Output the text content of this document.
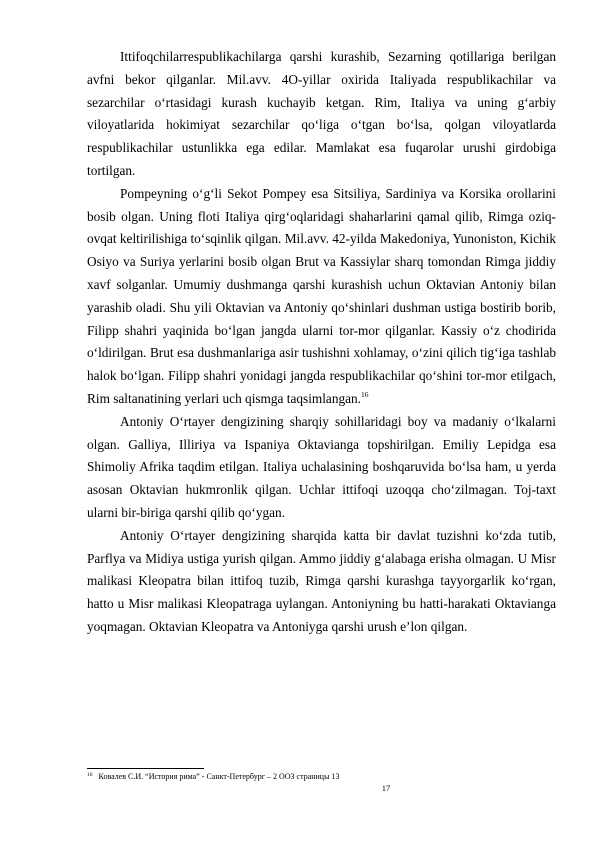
Ittifoqchilarrespublikachilarga qarshi kurashib, Sezarning qotillariga berilgan avfni bekor qilganlar. Mil.avv. 4O-yillar oxirida Italiyada respublikachilar va sezarchilar oʻrtasidagi kurash kuchayib ketgan. Rim, Italiya va uning gʻarbiy viloyatlarida hokimiyat sezarchilar qoʻliga oʻtgan boʻlsa, qolgan viloyatlarda respublikachilar ustunlikka ega edilar. Mamlakat esa fuqarolar urushi girdobiga tortilgan.

Pompeyning oʻgʻli Sekot Pompey esa Sitsiliya, Sardiniya va Korsika orollarini bosib olgan. Uning floti Italiya qirgʻoqlaridagi shaharlarini qamal qilib, Rimga oziq-ovqat keltirilishiga toʻsqinlik qilgan. Mil.avv. 42-yilda Makedoniya, Yunoniston, Kichik Osiyo va Suriya yerlarini bosib olgan Brut va Kassiylar sharq tomondan Rimga jiddiy xavf solganlar. Umumiy dushmanga qarshi kurashish uchun Oktavian Antoniy bilan yarashib oladi. Shu yili Oktavian va Antoniy qoʻshinlari dushman ustiga bostirib borib, Filipp shahri yaqinida boʻlgan jangda ularni tor-mor qilganlar. Kassiy oʻz chodirida oʻldirilgan. Brut esa dushmanlariga asir tushishni xohlamay, oʻzini qilich tigʻiga tashlab halok boʻlgan. Filipp shahri yonidagi jangda respublikachilar qoʻshini tor-mor etilgach, Rim saltanatining yerlari uch qismga taqsimlangan.$^{16}$

Antoniy Oʻrtayer dengizining sharqiy sohillaridagi boy va madaniy oʻlkalarni olgan. Galliya, Illiriya va Ispaniya Oktavianga topshirilgan. Emiliy Lepidga esa Shimoliy Afrika taqdim etilgan. Italiya uchalasining boshqaruvida boʻlsa ham, u yerda asosan Oktavian hukmronlik qilgan. Uchlar ittifoqi uzoqqa choʻzilmagan. Toj-taxt ularni bir-biriga qarshi qilib qoʻygan.

Antoniy Oʻrtayer dengizining sharqida katta bir davlat tuzishni koʻzda tutib, Parflya va Midiya ustiga yurish qilgan. Ammo jiddiy gʻalabaga erisha olmagan. U Misr malikasi Kleopatra bilan ittifoq tuzib, Rimga qarshi kurashga tayyorgarlik koʻrgan, hatto u Misr malikasi Kleopatraga uylangan. Antoniyning bu hatti-harakati Oktavianga yoqmagan. Oktavian Kleopatra va Antoniyga qarshi urush eʼlon qilgan.

$^{16}$ Ковалев С.И. “История рима” - Санкт-Петербург – 2 ООЗ страницы 13
17
